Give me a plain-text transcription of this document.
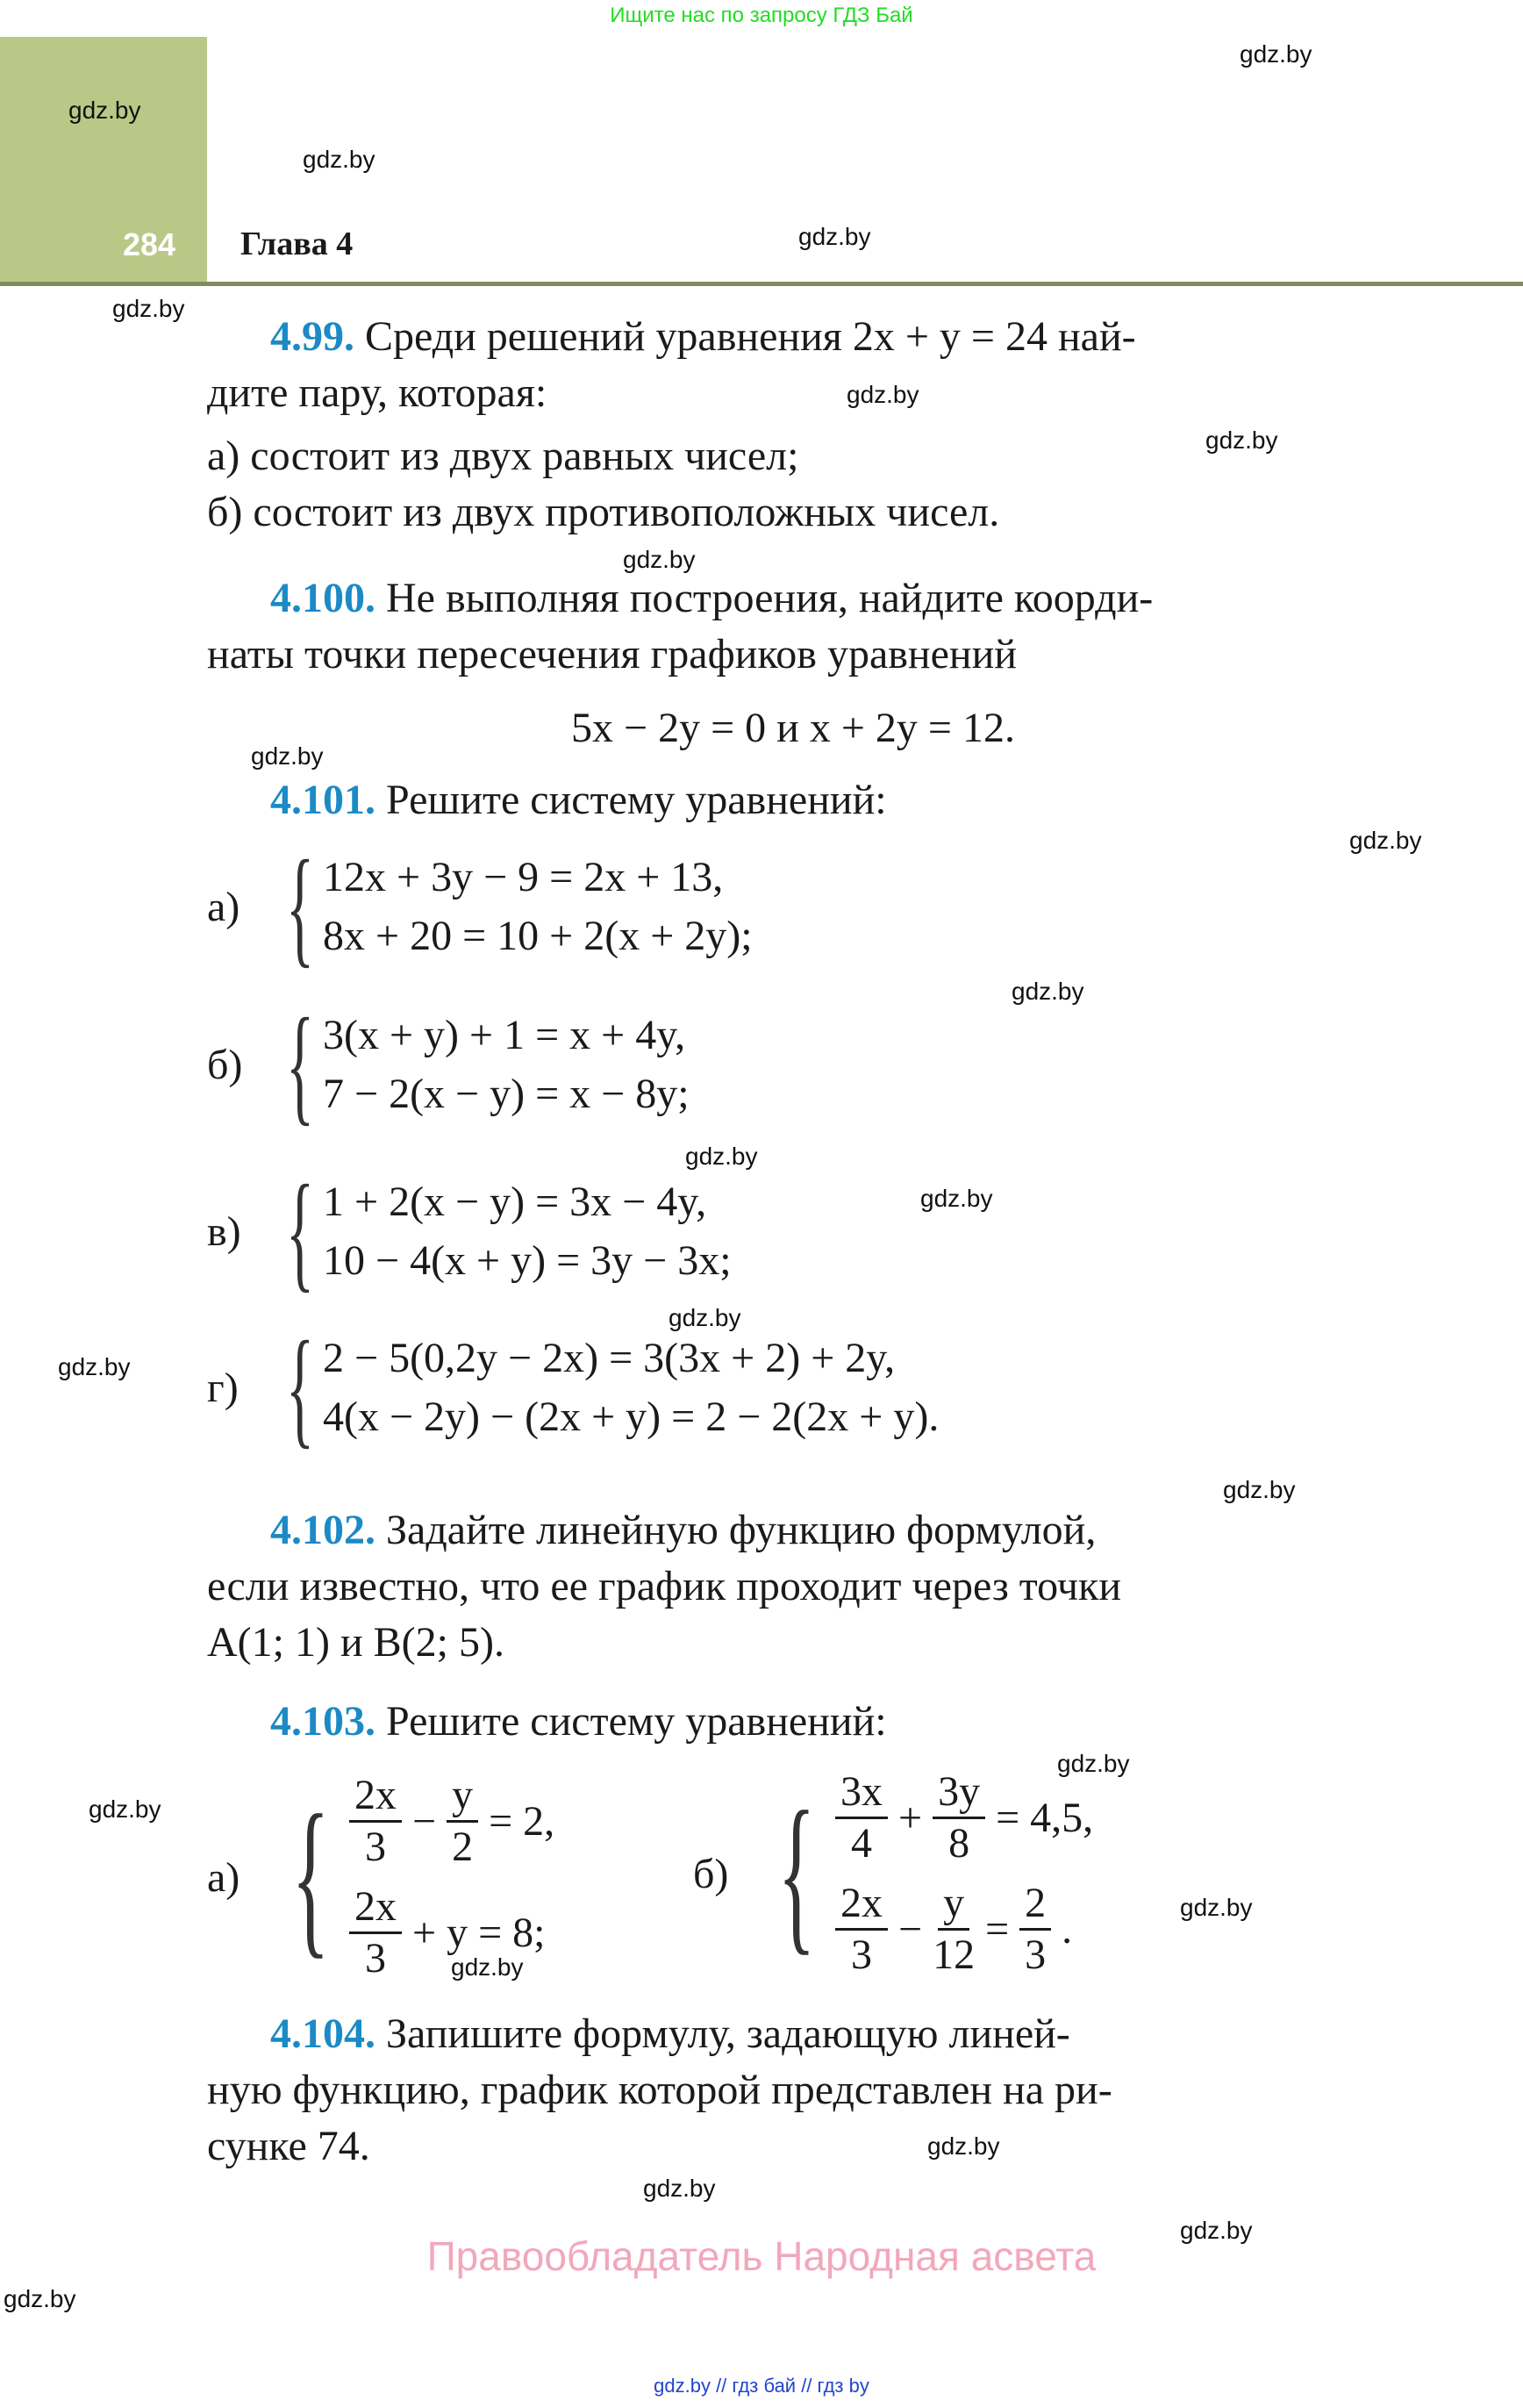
Ищите нас по запросу ГДЗ Бай
284 Глава 4
gdz.by
gdz.by
gdz.by
gdz.by
gdz.by
gdz.by
gdz.by
gdz.by
gdz.by
gdz.by
gdz.by
gdz.by
gdz.by
gdz.by
gdz.by
gdz.by
gdz.by
gdz.by
gdz.by
gdz.by
gdz.by
gdz.by
gdz.by
gdz.by
4.99. Среди решений уравнения 2x + y = 24 най-
дите пару, которая:
а) состоит из двух равных чисел;
б) состоит из двух противоположных чисел.
4.100. Не выполняя построения, найдите коорди-
наты точки пересечения графиков уравнений
5x − 2y = 0 и x + 2y = 12.
4.101. Решите систему уравнений:
а) { 12x + 3y − 9 = 2x + 13,
8x + 20 = 10 + 2(x + 2y);
б) { 3(x + y) + 1 = x + 4y,
7 − 2(x − y) = x − 8y;
в) { 1 + 2(x − y) = 3x − 4y,
10 − 4(x + y) = 3y − 3x;
г) { 2 − 5(0,2y − 2x) = 3(3x + 2) + 2y,
4(x − 2y) − (2x + y) = 2 − 2(2x + y).
4.102. Задайте линейную функцию формулой,
если известно, что ее график проходит через точки
A(1; 1) и B(2; 5).
4.103. Решите систему уравнений:
а) { $\frac{2x}{3} - \frac{y}{2} = 2$,
$\frac{2x}{3} + y = 8$;
б) { $\frac{3x}{4} + \frac{3y}{8} = 4,5$,
$\frac{2x}{3} - \frac{y}{12} = \frac{2}{3}$ .
4.104. Запишите формулу, задающую линей-
ную функцию, график которой представлен на ри-
сунке 74.
Правообладатель Народная асвета
gdz.by // гдз бай // гдз by
